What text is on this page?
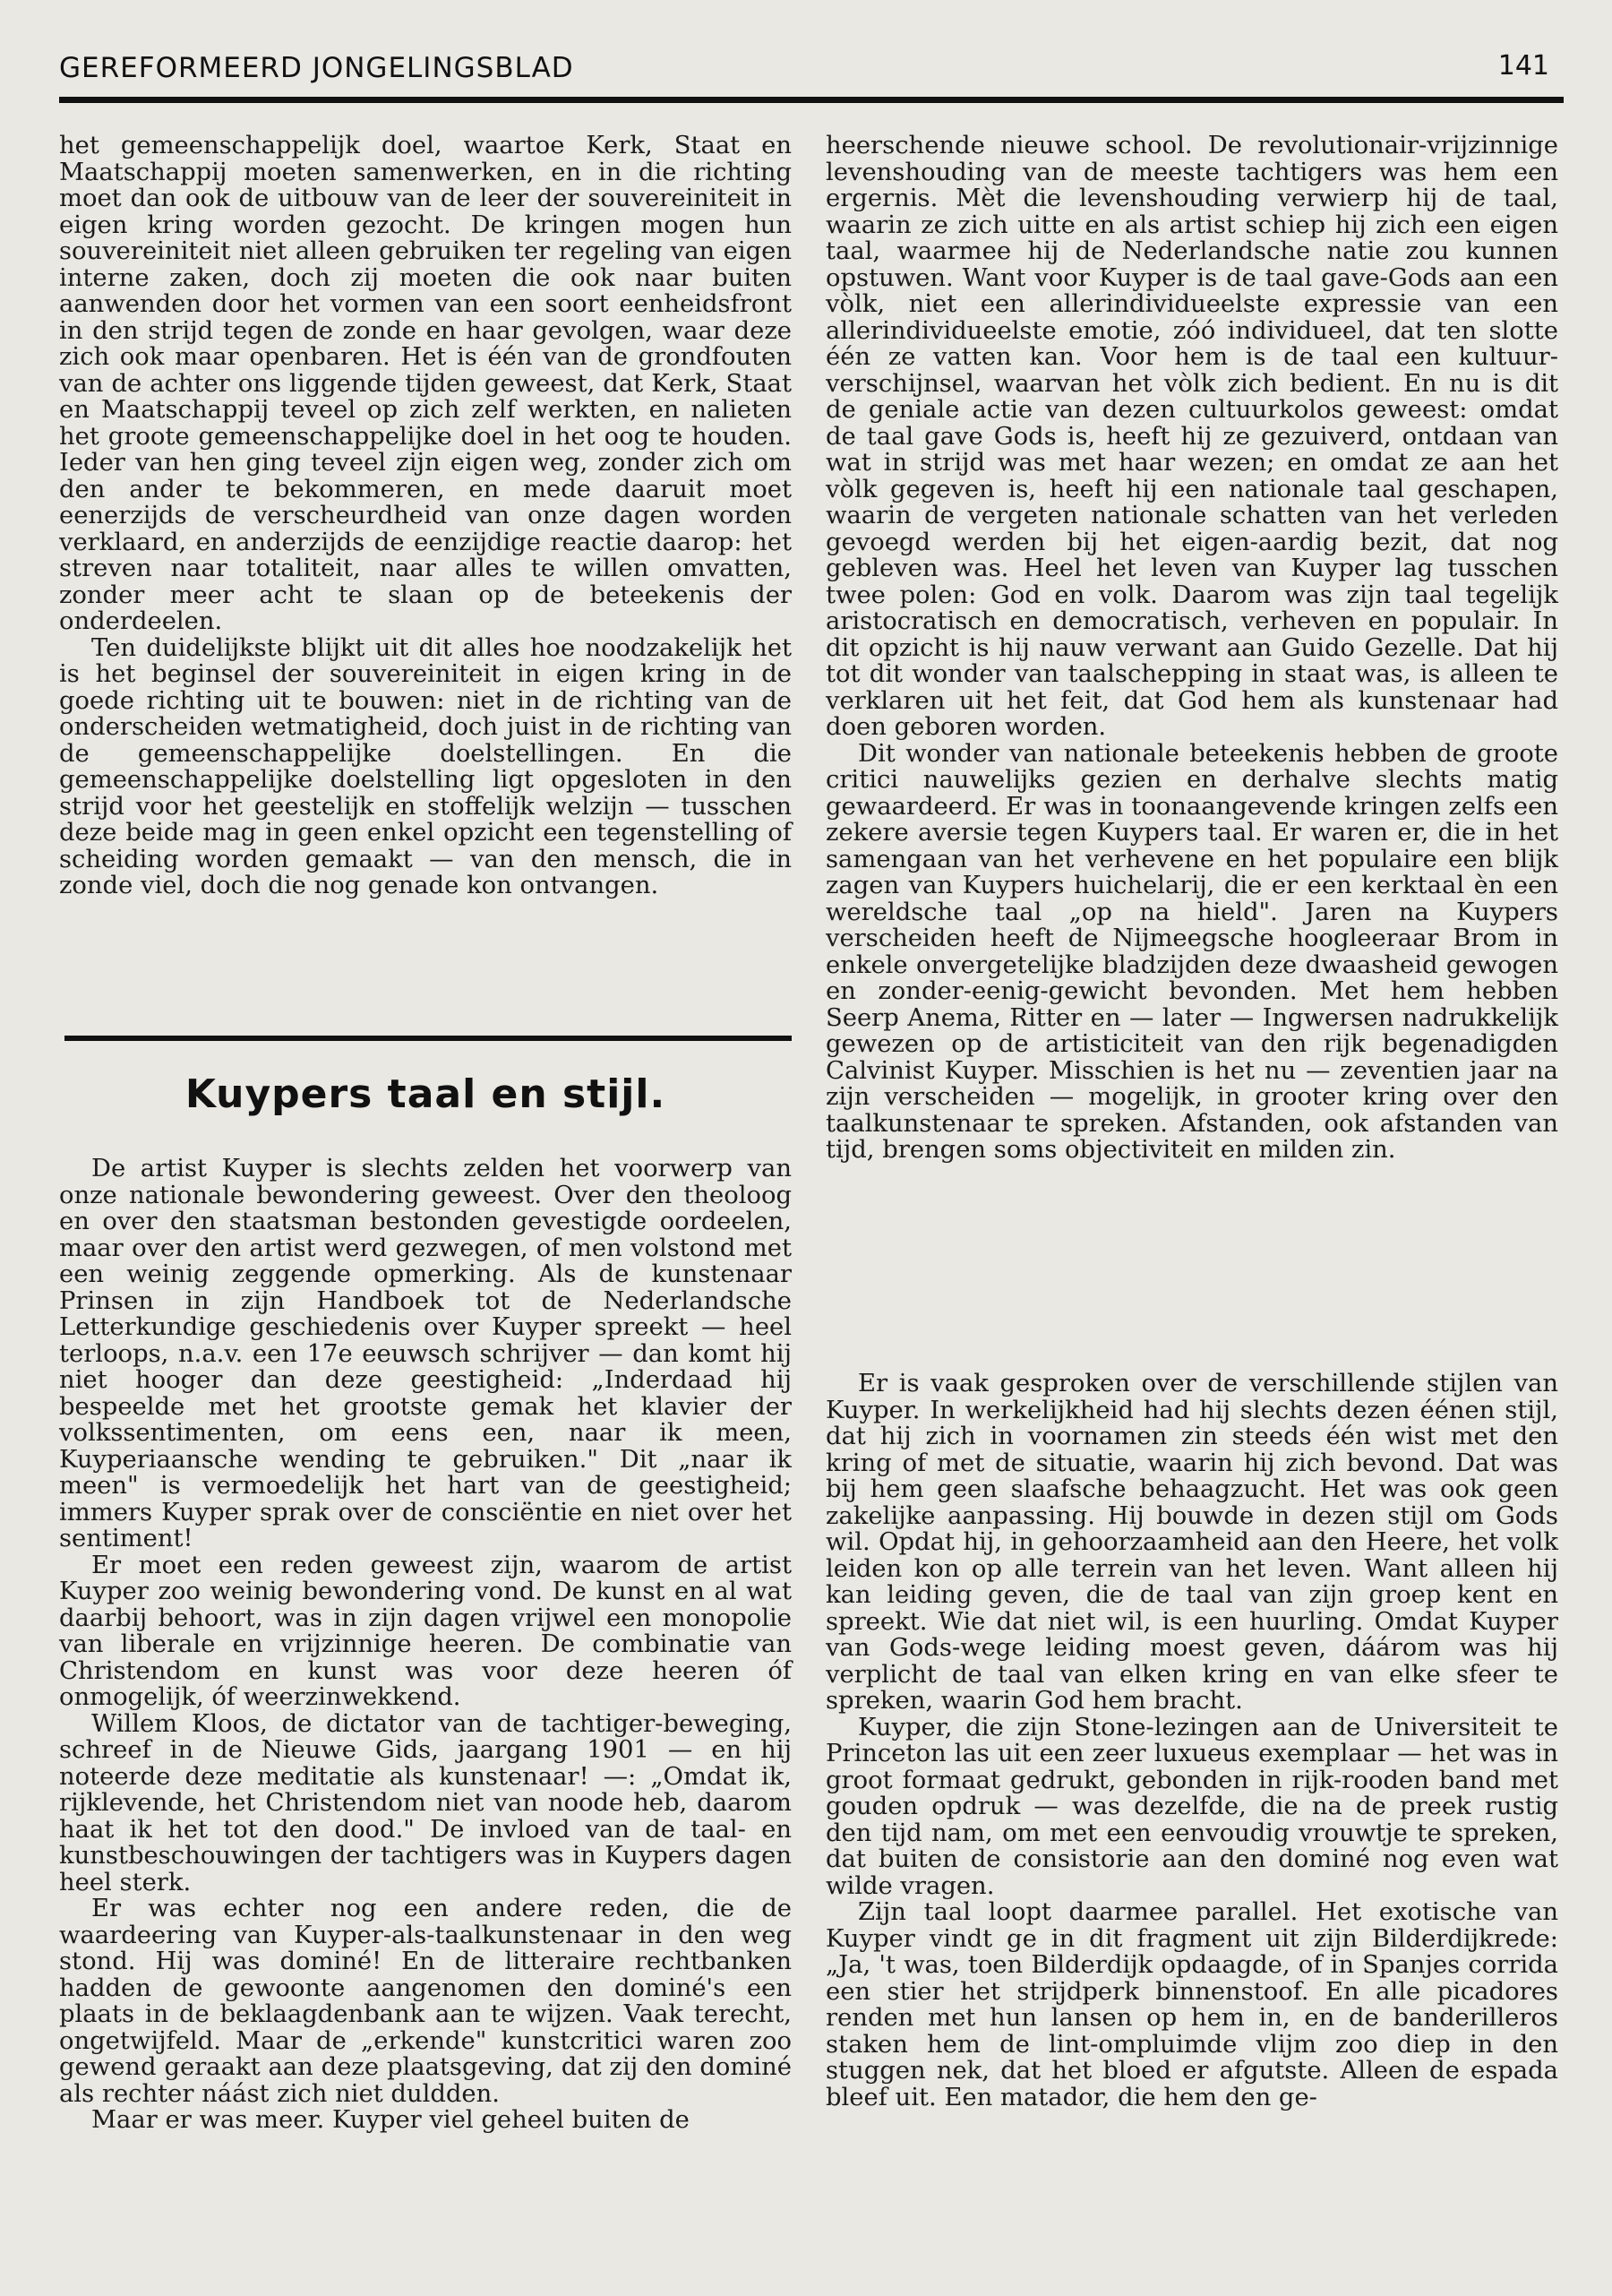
GEREFORMEERD JONGELINGSBLAD	141

het gemeenschappelijk doel, waartoe Kerk, Staat en Maatschappij moeten samenwerken, en in die richting moet dan ook de uitbouw van de leer der souvereiniteit in eigen kring worden gezocht. De kringen mogen hun souvereiniteit niet alleen gebruiken ter regeling van eigen interne zaken, doch zij moeten die ook naar buiten aanwenden door het vormen van een soort eenheidsfront in den strijd tegen de zonde en haar gevolgen, waar deze zich ook maar openbaren. Het is één van de grondfouten van de achter ons liggende tijden geweest, dat Kerk, Staat en Maatschappij teveel op zich zelf werkten, en nalieten het groote gemeenschappelijke doel in het oog te houden. Ieder van hen ging teveel zijn eigen weg, zonder zich om den ander te bekommeren, en mede daaruit moet eenerzijds de verscheurdheid van onze dagen worden verklaard, en anderzijds de eenzijdige reactie daarop: het streven naar totaliteit, naar alles te willen omvatten, zonder meer acht te slaan op de beteekenis der onderdeelen.

Ten duidelijkste blijkt uit dit alles hoe noodzakelijk het is het beginsel der souvereiniteit in eigen kring in de goede richting uit te bouwen: niet in de richting van de onderscheiden wetmatigheid, doch juist in de richting van de gemeenschappelijke doelstellingen. En die gemeenschappelijke doelstelling ligt opgesloten in den strijd voor het geestelijk en stoffelijk welzijn — tusschen deze beide mag in geen enkel opzicht een tegenstelling of scheiding worden gemaakt — van den mensch, die in zonde viel, doch die nog genade kon ontvangen.

Kuypers taal en stijl.

De artist Kuyper is slechts zelden het voorwerp van onze nationale bewondering geweest. Over den theoloog en over den staatsman bestonden gevestigde oordeelen, maar over den artist werd gezwegen, of men volstond met een weinig zeggende opmerking. Als de kunstenaar Prinsen in zijn Handboek tot de Nederlandsche Letterkundige geschiedenis over Kuyper spreekt — heel terloops, n.a.v. een 17e eeuwsch schrijver — dan komt hij niet hooger dan deze geestigheid: „Inderdaad hij bespeelde met het grootste gemak het klavier der volkssentimenten, om eens een, naar ik meen, Kuyperiaansche wending te gebruiken." Dit „naar ik meen" is vermoedelijk het hart van de geestigheid; immers Kuyper sprak over de consciëntie en niet over het sentiment!

Er moet een reden geweest zijn, waarom de artist Kuyper zoo weinig bewondering vond. De kunst en al wat daarbij behoort, was in zijn dagen vrijwel een monopolie van liberale en vrijzinnige heeren. De combinatie van Christendom en kunst was voor deze heeren óf onmogelijk, óf weerzinwekkend.

Willem Kloos, de dictator van de tachtiger-beweging, schreef in de Nieuwe Gids, jaargang 1901 — en hij noteerde deze meditatie als kunstenaar! —: „Omdat ik, rijklevende, het Christendom niet van noode heb, daarom haat ik het tot den dood." De invloed van de taal- en kunstbeschouwingen der tachtigers was in Kuypers dagen heel sterk.

Er was echter nog een andere reden, die de waardeering van Kuyper-als-taalkunstenaar in den weg stond. Hij was dominé! En de litteraire rechtbanken hadden de gewoonte aangenomen den dominé's een plaats in de beklaagdenbank aan te wijzen. Vaak terecht, ongetwijfeld. Maar de „erkende" kunstcritici waren zoo gewend geraakt aan deze plaatsgeving, dat zij den dominé als rechter náást zich niet duldden.

Maar er was meer. Kuyper viel geheel buiten de

heerschende nieuwe school. De revolutionair-vrijzinnige levenshouding van de meeste tachtigers was hem een ergernis. Mèt die levenshouding verwierp hij de taal, waarin ze zich uitte en als artist schiep hij zich een eigen taal, waarmee hij de Nederlandsche natie zou kunnen opstuwen. Want voor Kuyper is de taal gave-Gods aan een vòlk, niet een allerindividueelste expressie van een allerindividueelste emotie, zóó individueel, dat ten slotte één ze vatten kan. Voor hem is de taal een kultuur-verschijnsel, waarvan het vòlk zich bedient. En nu is dit de geniale actie van dezen cultuurkolos geweest: omdat de taal gave Gods is, heeft hij ze gezuiverd, ontdaan van wat in strijd was met haar wezen; en omdat ze aan het vòlk gegeven is, heeft hij een nationale taal geschapen, waarin de vergeten nationale schatten van het verleden gevoegd werden bij het eigen-aardig bezit, dat nog gebleven was. Heel het leven van Kuyper lag tusschen twee polen: God en volk. Daarom was zijn taal tegelijk aristocratisch en democratisch, verheven en populair. In dit opzicht is hij nauw verwant aan Guido Gezelle. Dat hij tot dit wonder van taalschepping in staat was, is alleen te verklaren uit het feit, dat God hem als kunstenaar had doen geboren worden.

Dit wonder van nationale beteekenis hebben de groote critici nauwelijks gezien en derhalve slechts matig gewaardeerd. Er was in toonaangevende kringen zelfs een zekere aversie tegen Kuypers taal. Er waren er, die in het samengaan van het verhevene en het populaire een blijk zagen van Kuypers huichelarij, die er een kerktaal èn een wereldsche taal „op na hield". Jaren na Kuypers verscheiden heeft de Nijmeegsche hoogleeraar Brom in enkele onvergetelijke bladzijden deze dwaasheid gewogen en zonder-eenig-gewicht bevonden. Met hem hebben Seerp Anema, Ritter en — later — Ingwersen nadrukkelijk gewezen op de artisticiteit van den rijk begenadigden Calvinist Kuyper. Misschien is het nu — zeventien jaar na zijn verscheiden — mogelijk, in grooter kring over den taalkunstenaar te spreken. Afstanden, ook afstanden van tijd, brengen soms objectiviteit en milden zin.

Er is vaak gesproken over de verschillende stijlen van Kuyper. In werkelijkheid had hij slechts dezen éénen stijl, dat hij zich in voornamen zin steeds één wist met den kring of met de situatie, waarin hij zich bevond. Dat was bij hem geen slaafsche behaagzucht. Het was ook geen zakelijke aanpassing. Hij bouwde in dezen stijl om Gods wil. Opdat hij, in gehoorzaamheid aan den Heere, het volk leiden kon op alle terrein van het leven. Want alleen hij kan leiding geven, die de taal van zijn groep kent en spreekt. Wie dat niet wil, is een huurling. Omdat Kuyper van Gods-wege leiding moest geven, dáárom was hij verplicht de taal van elken kring en van elke sfeer te spreken, waarin God hem bracht.

Kuyper, die zijn Stone-lezingen aan de Universiteit te Princeton las uit een zeer luxueus exemplaar — het was in groot formaat gedrukt, gebonden in rijk-rooden band met gouden opdruk — was dezelfde, die na de preek rustig den tijd nam, om met een eenvoudig vrouwtje te spreken, dat buiten de consistorie aan den dominé nog even wat wilde vragen.

Zijn taal loopt daarmee parallel. Het exotische van Kuyper vindt ge in dit fragment uit zijn Bilderdijkrede: „Ja, 't was, toen Bilderdijk opdaagde, of in Spanjes corrida een stier het strijdperk binnenstoof. En alle picadores renden met hun lansen op hem in, en de banderilleros staken hem de lint-ompluimde vlijm zoo diep in den stuggen nek, dat het bloed er afgutste. Alleen de espada bleef uit. Een matador, die hem den ge-
